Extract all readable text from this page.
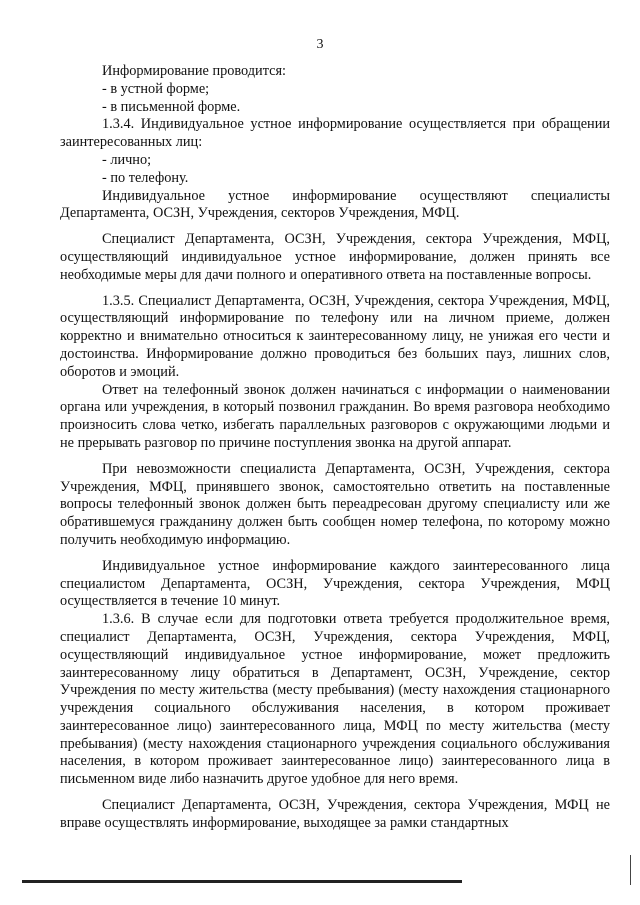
3

Информирование проводится:

- в устной форме;

- в письменной форме.

1.3.4. Индивидуальное устное информирование осуществляется при обращении заинтересованных лиц:

- лично;

- по телефону.

Индивидуальное устное информирование осуществляют специалисты Департамента, ОСЗН, Учреждения, секторов Учреждения, МФЦ.

Специалист Департамента, ОСЗН, Учреждения, сектора Учреждения, МФЦ, осуществляющий индивидуальное устное информирование, должен принять все необходимые меры для дачи полного и оперативного ответа на поставленные вопросы.

1.3.5. Специалист Департамента, ОСЗН, Учреждения, сектора Учреждения, МФЦ, осуществляющий информирование по телефону или на личном приеме, должен корректно и внимательно относиться к заинтересованному лицу, не унижая его чести и достоинства. Информирование должно проводиться без больших пауз, лишних слов, оборотов и эмоций.

Ответ на телефонный звонок должен начинаться с информации о наименовании органа или учреждения, в который позвонил гражданин. Во время разговора необходимо произносить слова четко, избегать параллельных разговоров с окружающими людьми и не прерывать разговор по причине поступления звонка на другой аппарат.

При невозможности специалиста Департамента, ОСЗН, Учреждения, сектора Учреждения, МФЦ, принявшего звонок, самостоятельно ответить на поставленные вопросы телефонный звонок должен быть переадресован другому специалисту или же обратившемуся гражданину должен быть сообщен номер телефона, по которому можно получить необходимую информацию.

Индивидуальное устное информирование каждого заинтересованного лица специалистом Департамента, ОСЗН, Учреждения, сектора Учреждения, МФЦ осуществляется в течение 10 минут.

1.3.6. В случае если для подготовки ответа требуется продолжительное время, специалист Департамента, ОСЗН, Учреждения, сектора Учреждения, МФЦ, осуществляющий индивидуальное устное информирование, может предложить заинтересованному лицу обратиться в Департамент, ОСЗН, Учреждение, сектор Учреждения по месту жительства (месту пребывания) (месту нахождения стационарного учреждения социального обслуживания населения, в котором проживает заинтересованное лицо) заинтересованного лица, МФЦ по месту жительства (месту пребывания) (месту нахождения стационарного учреждения социального обслуживания населения, в котором проживает заинтересованное лицо) заинтересованного лица в письменном виде либо назначить другое удобное для него время.

Специалист Департамента, ОСЗН, Учреждения, сектора Учреждения, МФЦ не вправе осуществлять информирование, выходящее за рамки стандартных
